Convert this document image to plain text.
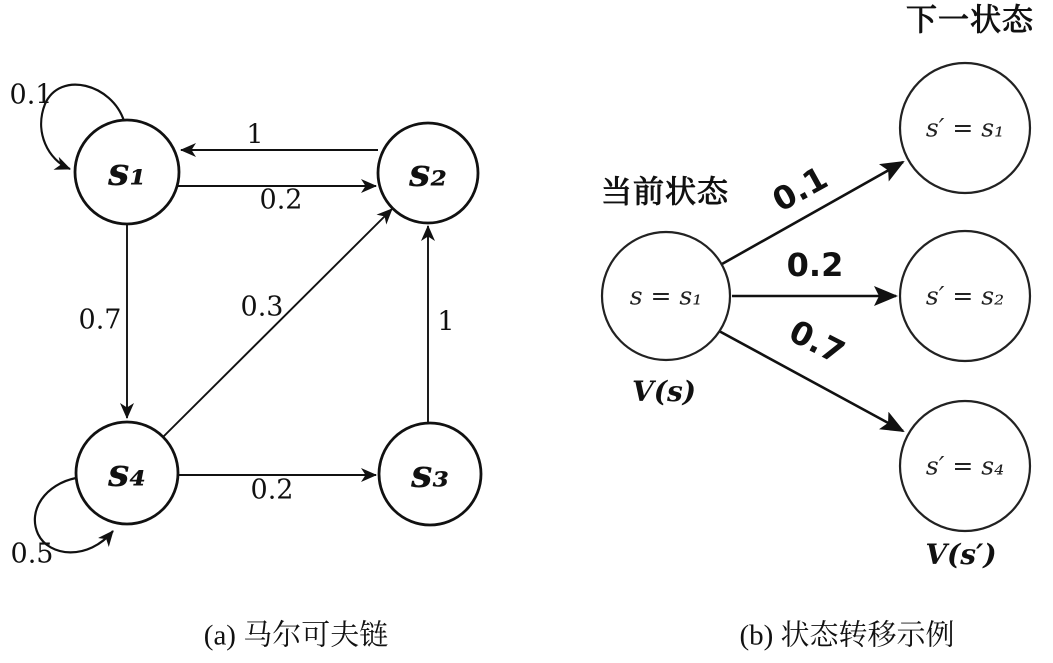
s₁	s₂
s₃
s₄
0.1
1
0.2
0.7	0.3	1
0.2
0.5
(a) 马尔可夫链
下一状态
当前状态
s = s₁
s′ = s₁
s′ = s₂
s′ = s₄
0.1
0.2
0.7
V(s)
V(s′)
(b) 状态转移示例
